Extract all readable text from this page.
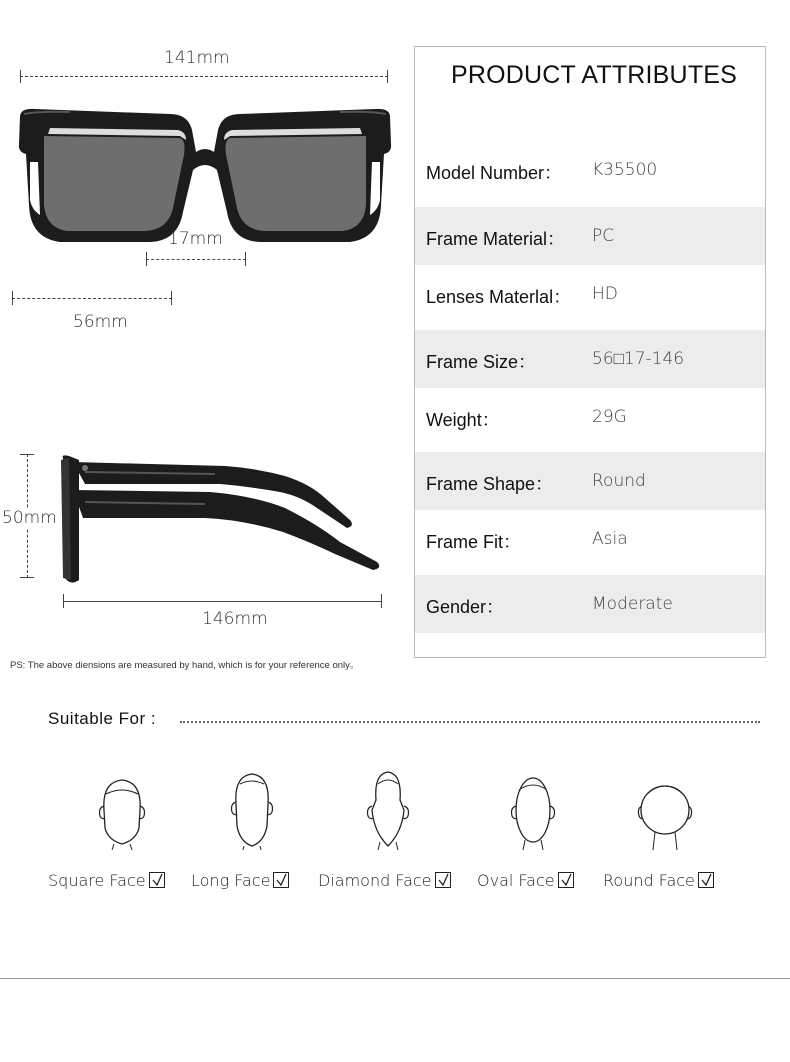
141mm
17mm
56mm
50mm
146mm
PRODUCT ATTRIBUTES
Model Number： K35500
Frame Material： PC
Lenses Materlal： HD
Frame Size：	56□17-146
Weight：	29G
Frame Shape： Round
Frame Fit：	Asia
Gender：	Moderate
PS: The above diensions are measured by hand, which is for your reference only。
Suitable For :
Square Face	Long Face	Diamond Face	Oval Face	Round Face
